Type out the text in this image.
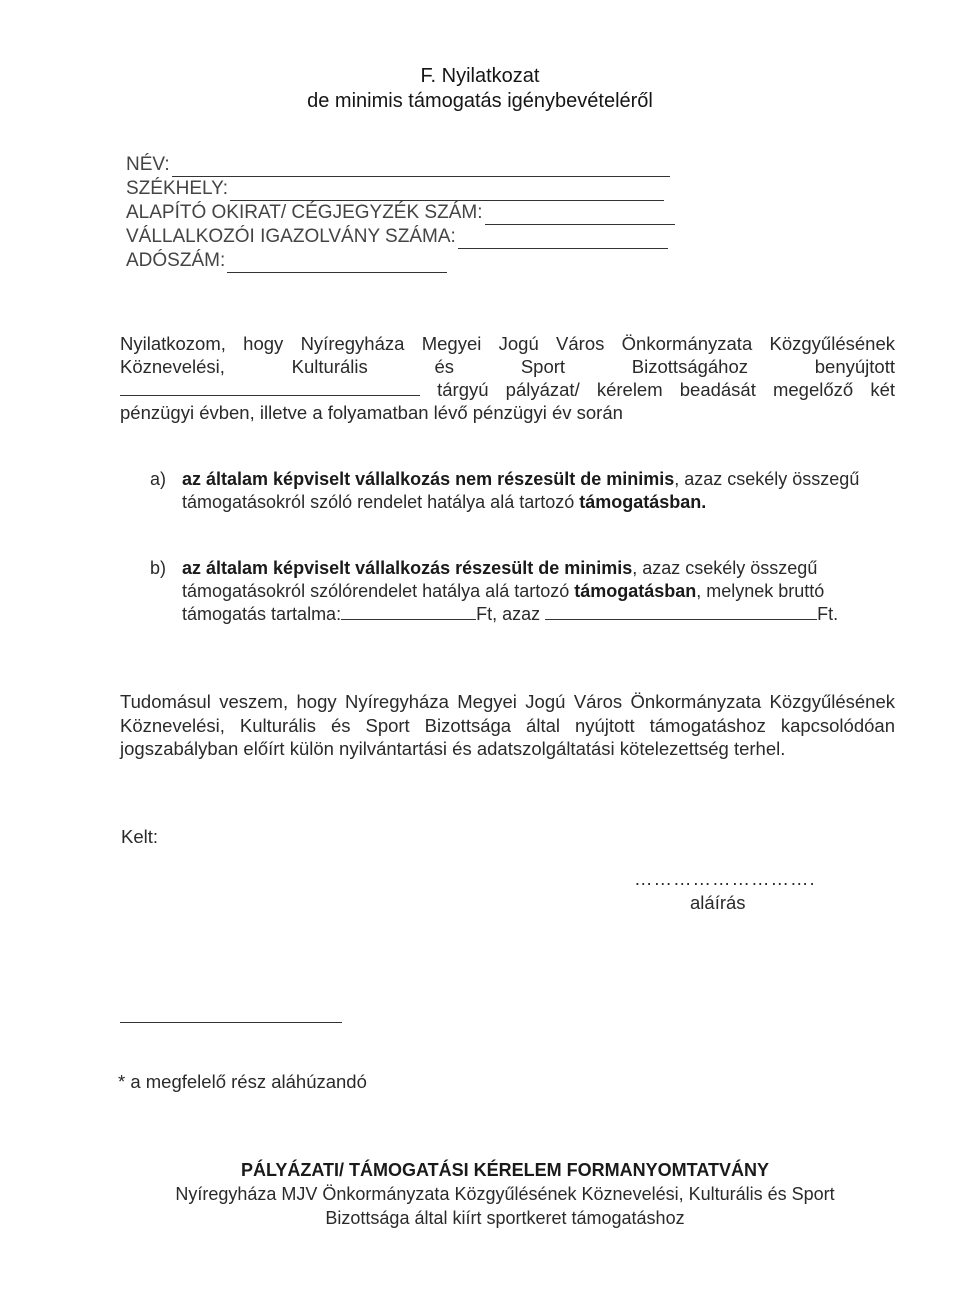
F. Nyilatkozat
de minimis támogatás igénybevételéről
NÉV:
SZÉKHELY:
ALAPÍTÓ OKIRAT/ CÉGJEGYZÉK SZÁM:
VÁLLALKOZÓI IGAZOLVÁNY SZÁMA:
ADÓSZÁM:
Nyilatkozom, hogy Nyíregyháza Megyei Jogú Város Önkormányzata Közgyűlésének
Köznevelési, Kulturális és Sport Bizottságához benyújtott
tárgyú pályázat/ kérelem beadását megelőző két
pénzügyi évben, illetve a folyamatban lévő pénzügyi év során
a) az általam képviselt vállalkozás nem részesült de minimis, azaz csekély összegű támogatásokról szóló rendelet hatálya alá tartozó támogatásban.
b) az általam képviselt vállalkozás részesült de minimis, azaz csekély összegű támogatásokról szólórendelet hatálya alá tartozó támogatásban, melynek bruttó támogatás tartalma:	Ft, azaz	Ft.
Tudomásul veszem, hogy Nyíregyháza Megyei Jogú Város Önkormányzata Közgyűlésének Köznevelési, Kulturális és Sport Bizottsága által nyújtott támogatáshoz kapcsolódóan jogszabályban előírt külön nyilvántartási és adatszolgáltatási kötelezettség terhel.
Kelt:
……………………….
aláírás
* a megfelelő rész aláhúzandó
PÁLYÁZATI/ TÁMOGATÁSI KÉRELEM FORMANYOMTATVÁNY
Nyíregyháza MJV Önkormányzata Közgyűlésének Köznevelési, Kulturális és Sport
Bizottsága által kiírt sportkeret támogatáshoz
